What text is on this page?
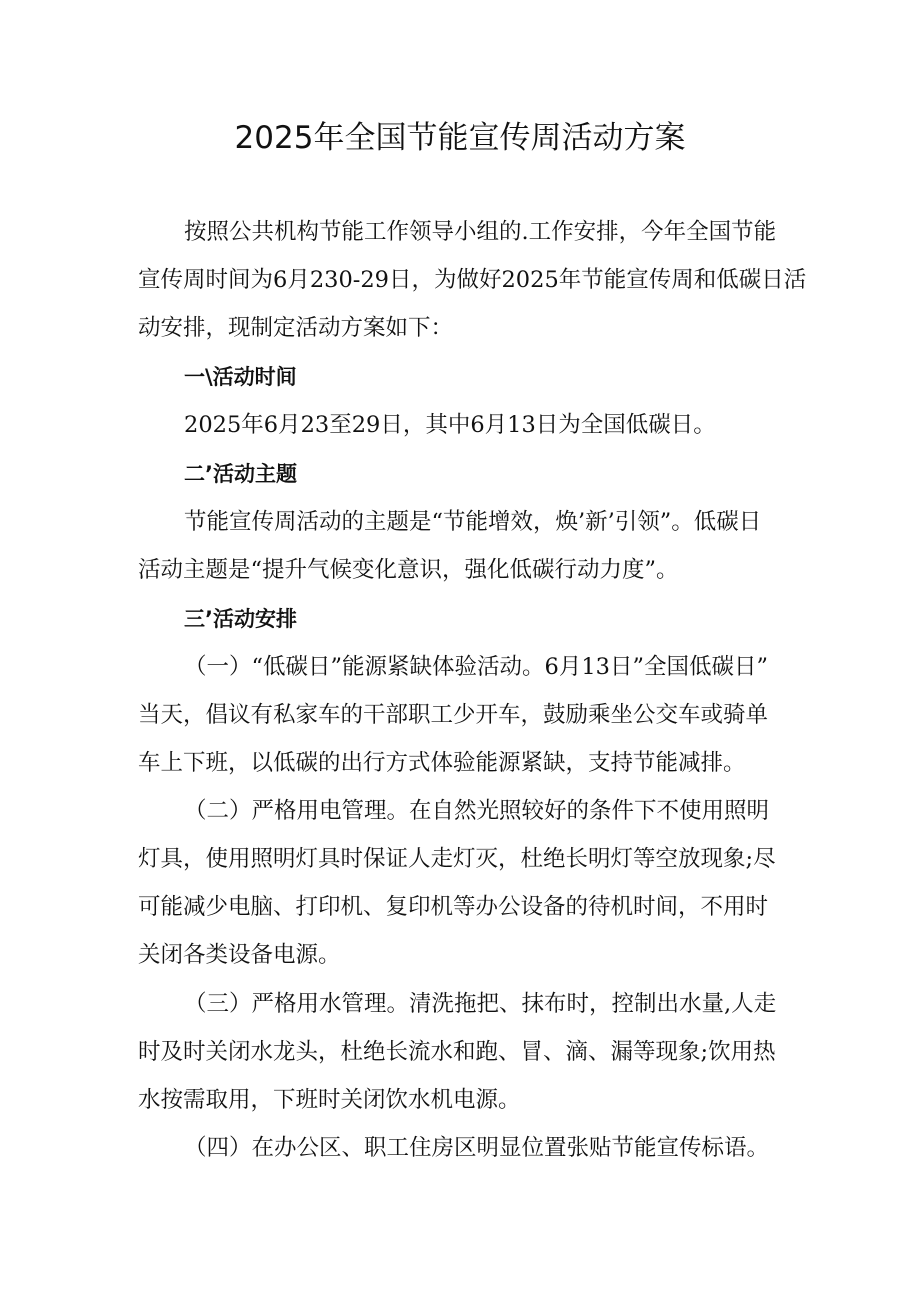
2025年全国节能宣传周活动方案
按照公共机构节能工作领导小组的.工作安排，今年全国节能
宣传周时间为6月230-29日，为做好2025年节能宣传周和低碳日活
动安排，现制定活动方案如下：
一\活动时间
2025年6月23至29日，其中6月13日为全国低碳日。
二’活动主题
节能宣传周活动的主题是“节能增效，焕’新’引领”。低碳日
活动主题是“提升气候变化意识，强化低碳行动力度”。
三’活动安排
（一）“低碳日”能源紧缺体验活动。6月13日”全国低碳日”
当天，倡议有私家车的干部职工少开车，鼓励乘坐公交车或骑单
车上下班，以低碳的出行方式体验能源紧缺，支持节能减排。
（二）严格用电管理。在自然光照较好的条件下不使用照明
灯具，使用照明灯具时保证人走灯灭，杜绝长明灯等空放现象;尽
可能减少电脑、打印机、复印机等办公设备的待机时间，不用时
关闭各类设备电源。
（三）严格用水管理。清洗拖把、抹布时，控制出水量,人走
时及时关闭水龙头，杜绝长流水和跑、冒、滴、漏等现象;饮用热
水按需取用，下班时关闭饮水机电源。
（四）在办公区、职工住房区明显位置张贴节能宣传标语。
